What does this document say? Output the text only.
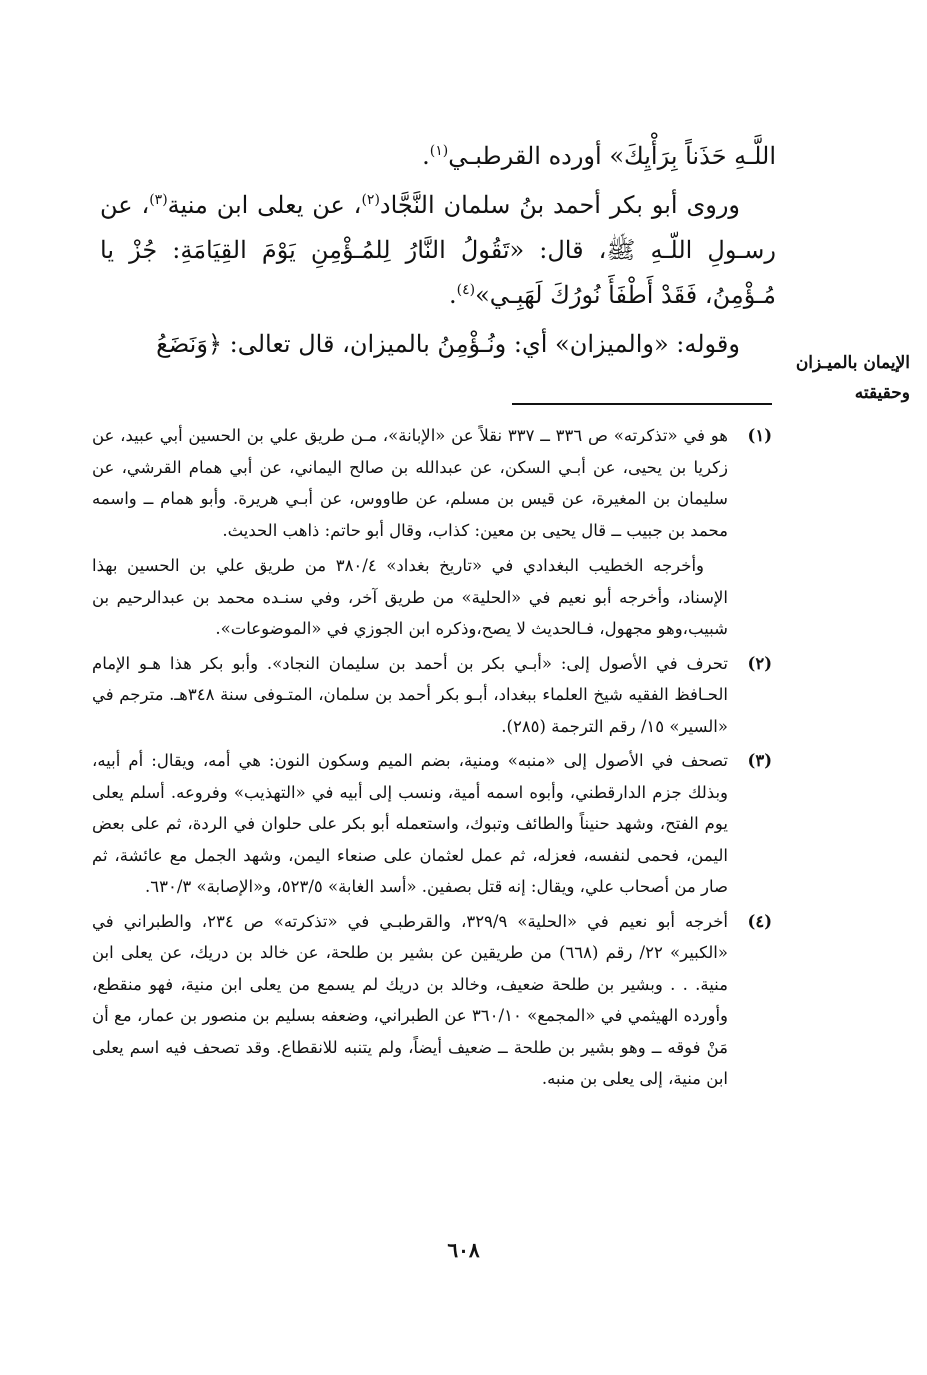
اللَّـهِ حَذَناً بِرَأْيِكَ» أورده القرطبـي$^{(١)}$.

وروى أبو بكر أحمد بنُ سلمان النَّجَّاد$^{(٢)}$، عن يعلى ابن منية$^{(٣)}$، عن رسـولِ اللّـهِ ﷺ، قال: «تَقُولُ النَّارُ لِلمُـؤْمِنِ يَوْمَ القِيَامَةِ: جُزْ يا مُـؤْمِنُ، فَقَدْ أَطْفَأَ نُورُكَ لَهَبِـي»$^{(٤)}$.

وقوله: «والميزان» أي: ونُـؤْمِنُ بالميزان، قال تعالى: ﴿وَنَضَعُ

الإيمان بالميـزان
وحقيقته
(١)
هو في «تذكرته» ص ٣٣٦ ــ ٣٣٧ نقلاً عن «الإبانة»، مـن طريق علي بن الحسين أبي عبيد، عن زكريا بن يحيى، عن أبـي السكن، عن عبدالله بن صالح اليماني، عن أبي همام القرشي، عن سليمان بن المغيرة، عن قيس بن مسلم، عن طاووس، عن أبـي هريرة. وأبو همام ــ واسمه محمد بن جبيب ــ قال يحيى بن معين: كذاب، وقال أبو حاتم: ذاهب الحديث.
وأخرجه الخطيب البغدادي في «تاريخ بغداد» ٣٨٠/٤ من طريق علي بن الحسين بهذا الإسناد، وأخرجه أبو نعيم في «الحلية» من طريق آخر، وفي سنـده محمد بن عبدالرحيم بن شبيب،وهو مجهول، فـالحديث لا يصح،وذكره ابن الجوزي في «الموضوعات».
(٢)
تحرف في الأصول إلى: «أبـي بكر بن أحمد بن سليمان النجاد». وأبو بكر هذا هـو الإمام الحـافظ الفقيه شيخ العلماء ببغداد، أبـو بكر أحمد بن سلمان، المتـوفى سنة ٣٤٨هـ. مترجم في «السير» ١٥/ رقم الترجمة (٢٨٥).
(٣)
تصحف في الأصول إلى «منبه» ومنية، بضم الميم وسكون النون: هي أمه، ويقال: أم أبيه، وبذلك جزم الدارقطني، وأبوه اسمه أمية، ونسب إلى أبيه في «التهذيب» وفروعه. أسلم يعلى يوم الفتح، وشهد حنيناً والطائف وتبوك، واستعمله أبو بكر على حلوان في الردة، ثم على بعض اليمن، فحمى لنفسه، فعزله، ثم عمل لعثمان على صنعاء اليمن، وشهد الجمل مع عائشة، ثم صار من أصحاب علي، ويقال: إنه قتل بصفين. «أسد الغابة» ٥٢٣/٥، و«الإصابة» ٦٣٠/٣.
(٤)
أخرجه أبو نعيم في «الحلية» ٣٢٩/٩، والقرطبـي في «تذكرته» ص ٢٣٤، والطبراني في «الكبير» ٢٢/ رقم (٦٦٨) من طريقين عن بشير بن طلحة، عن خالد بن دريك، عن يعلى ابن منية. . . وبشير بن طلحة ضعيف، وخالد بن دريك لم يسمع من يعلى ابن منية، فهو منقطع، وأورده الهيثمي في «المجمع» ٣٦٠/١٠ عن الطبراني، وضعفه بسليم بن منصور بن عمار، مع أن مَنْ فوقه ــ وهو بشير بن طلحة ــ ضعيف أيضاً، ولم يتنبه للانقطاع. وقد تصحف فيه اسم يعلى ابن منية، إلى يعلى بن منبه.
٦٠٨
